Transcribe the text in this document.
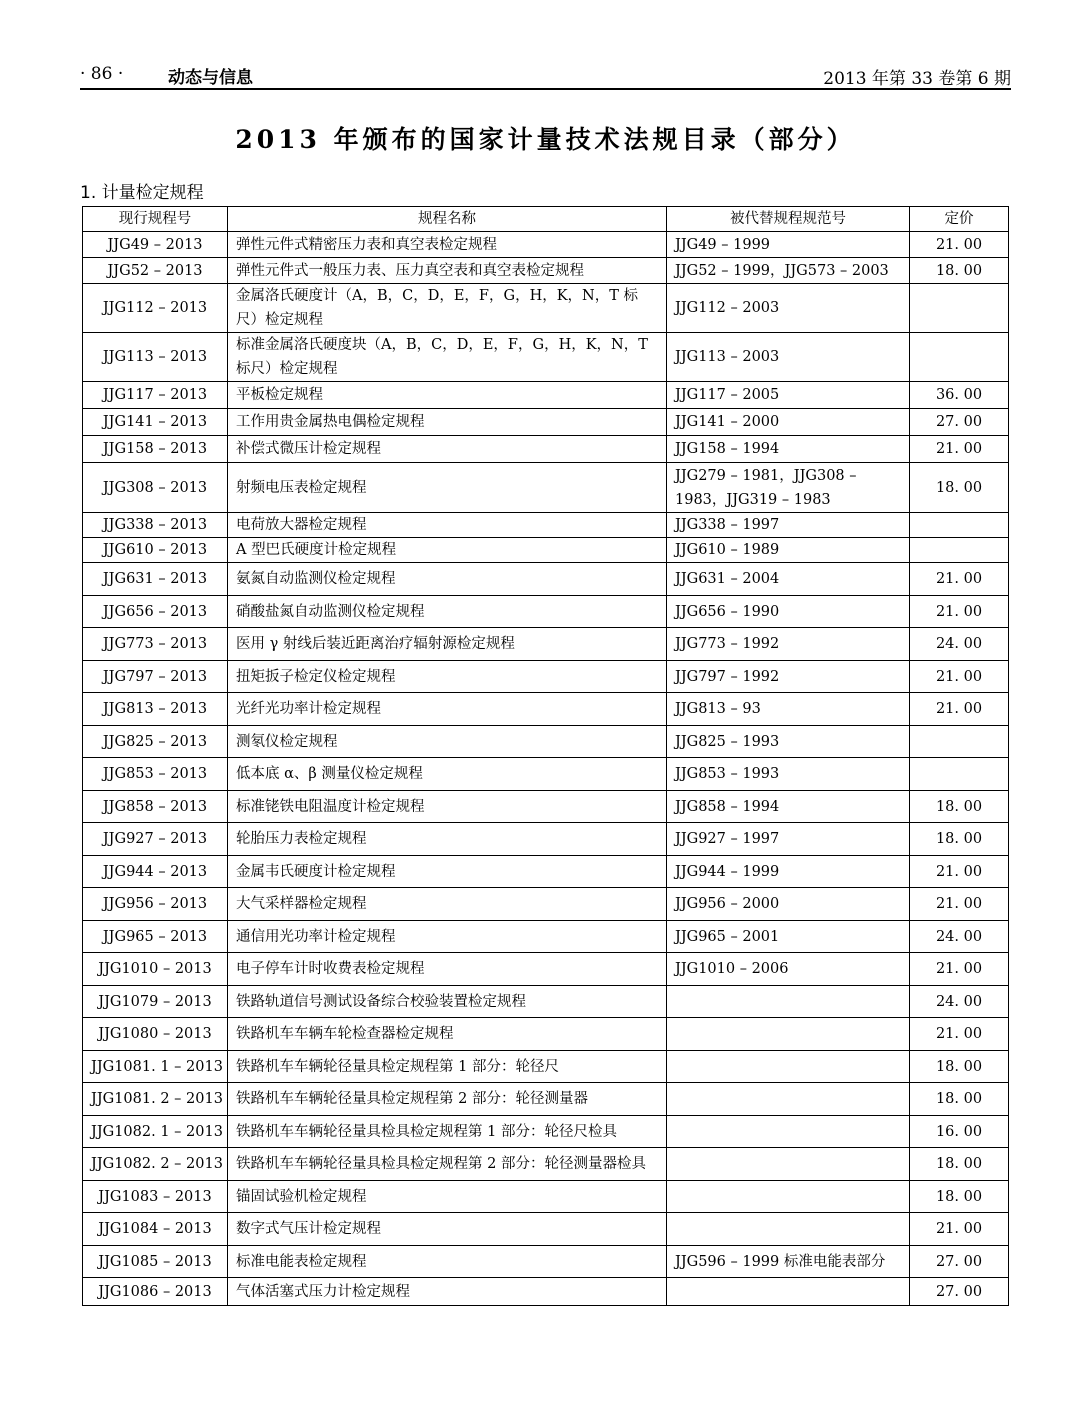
· 86 ·	动态与信息	2013 年第 33 卷第 6 期
2013 年颁布的国家计量技术法规目录（部分）
1. 计量检定规程
现行规程号	规程名称	被代替规程规范号	定价
JJG49 – 2013	弹性元件式精密压力表和真空表检定规程	JJG49 – 1999	21. 00
JJG52 – 2013	弹性元件式一般压力表、压力真空表和真空表检定规程	JJG52 – 1999，JJG573 – 2003	18. 00
JJG112 – 2013	金属洛氏硬度计（A，B，C，D，E，F，G，H，K，N，T 标尺）检定规程	JJG112 – 2003	
JJG113 – 2013	标准金属洛氏硬度块（A，B，C，D，E，F，G，H，K，N，T 标尺）检定规程	JJG113 – 2003	
JJG117 – 2013	平板检定规程	JJG117 – 2005	36. 00
JJG141 – 2013	工作用贵金属热电偶检定规程	JJG141 – 2000	27. 00
JJG158 – 2013	补偿式微压计检定规程	JJG158 – 1994	21. 00
JJG308 – 2013	射频电压表检定规程	JJG279 – 1981，JJG308 – 1983，JJG319 – 1983	18. 00
JJG338 – 2013	电荷放大器检定规程	JJG338 – 1997	
JJG610 – 2013	A 型巴氏硬度计检定规程	JJG610 – 1989	
JJG631 – 2013	氨氮自动监测仪检定规程	JJG631 – 2004	21. 00
JJG656 – 2013	硝酸盐氮自动监测仪检定规程	JJG656 – 1990	21. 00
JJG773 – 2013	医用 γ 射线后装近距离治疗辐射源检定规程	JJG773 – 1992	24. 00
JJG797 – 2013	扭矩扳子检定仪检定规程	JJG797 – 1992	21. 00
JJG813 – 2013	光纤光功率计检定规程	JJG813 – 93	21. 00
JJG825 – 2013	测氡仪检定规程	JJG825 – 1993	
JJG853 – 2013	低本底 α、β 测量仪检定规程	JJG853 – 1993	
JJG858 – 2013	标准铑铁电阻温度计检定规程	JJG858 – 1994	18. 00
JJG927 – 2013	轮胎压力表检定规程	JJG927 – 1997	18. 00
JJG944 – 2013	金属韦氏硬度计检定规程	JJG944 – 1999	21. 00
JJG956 – 2013	大气采样器检定规程	JJG956 – 2000	21. 00
JJG965 – 2013	通信用光功率计检定规程	JJG965 – 2001	24. 00
JJG1010 – 2013	电子停车计时收费表检定规程	JJG1010 – 2006	21. 00
JJG1079 – 2013	铁路轨道信号测试设备综合校验装置检定规程		24. 00
JJG1080 – 2013	铁路机车车辆车轮检查器检定规程		21. 00
JJG1081. 1 – 2013	铁路机车车辆轮径量具检定规程第 1 部分：轮径尺		18. 00
JJG1081. 2 – 2013	铁路机车车辆轮径量具检定规程第 2 部分：轮径测量器		18. 00
JJG1082. 1 – 2013	铁路机车车辆轮径量具检具检定规程第 1 部分：轮径尺检具		16. 00
JJG1082. 2 – 2013	铁路机车车辆轮径量具检具检定规程第 2 部分：轮径测量器检具		18. 00
JJG1083 – 2013	锚固试验机检定规程		18. 00
JJG1084 – 2013	数字式气压计检定规程		21. 00
JJG1085 – 2013	标准电能表检定规程	JJG596 – 1999 标准电能表部分	27. 00
JJG1086 – 2013	气体活塞式压力计检定规程		27. 00
